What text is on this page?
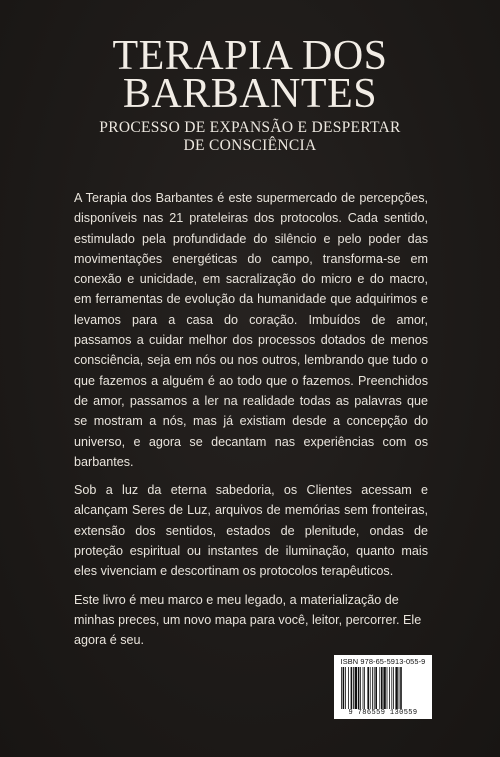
TERAPIA DOS
BARBANTES
PROCESSO DE EXPANSÃO E DESPERTAR
DE CONSCIÊNCIA

A Terapia dos Barbantes é este supermercado de percepções, disponíveis nas 21 prateleiras dos protocolos. Cada sentido, estimulado pela profundidade do silêncio e pelo poder das movimentações energéticas do campo, transforma-se em conexão e unicidade, em sacralização do micro e do macro, em ferramentas de evolução da humanidade que adquirimos e levamos para a casa do coração. Imbuídos de amor, passamos a cuidar melhor dos processos dotados de menos consciência, seja em nós ou nos outros, lembrando que tudo o que fazemos a alguém é ao todo que o fazemos. Preenchidos de amor, passamos a ler na realidade todas as palavras que se mostram a nós, mas já existiam desde a concepção do universo, e agora se decantam nas experiências com os barbantes.

Sob a luz da eterna sabedoria, os Clientes acessam e alcançam Seres de Luz, arquivos de memórias sem fronteiras, extensão dos sentidos, estados de plenitude, ondas de proteção espiritual ou instantes de iluminação, quanto mais eles vivenciam e descortinam os protocolos terapêuticos.

Este livro é meu marco e meu legado, a materialização de minhas preces, um novo mapa para você, leitor, percorrer. Ele agora é seu.

ISBN 978-65-5913-055-9
9 786559 130559
